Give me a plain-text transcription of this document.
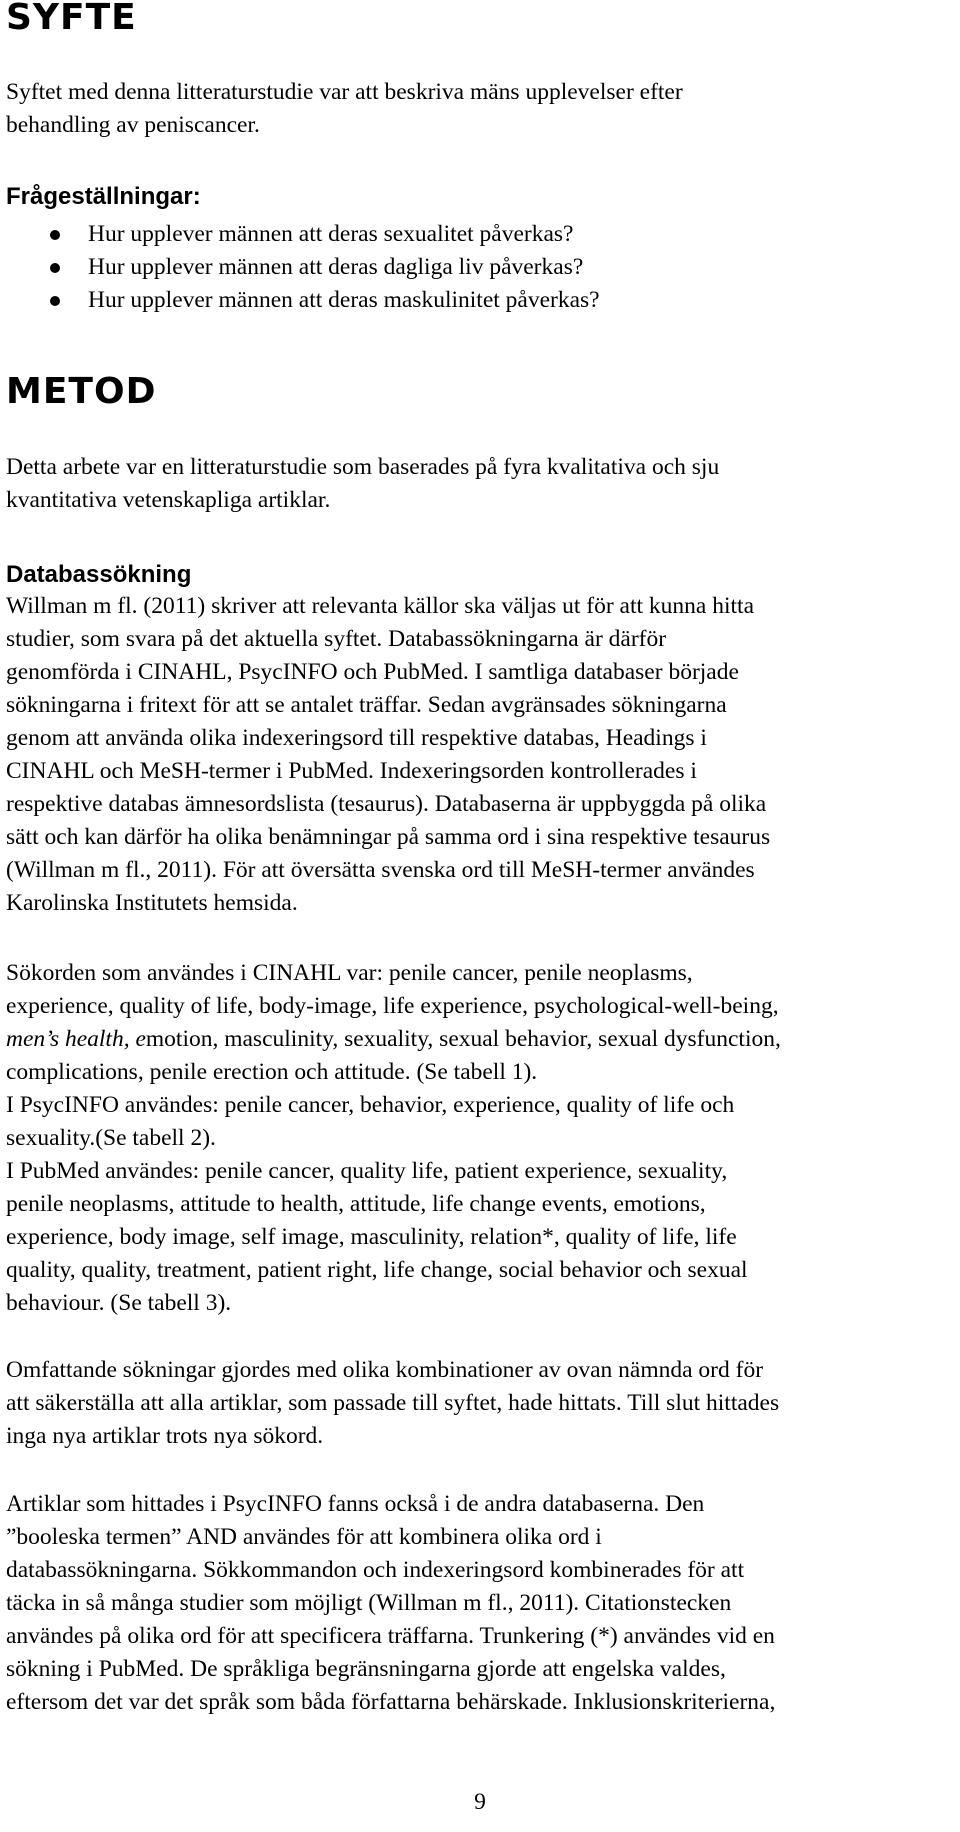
SYFTE

Syftet med denna litteraturstudie var att beskriva mäns upplevelser efter
behandling av peniscancer.

Frågeställningar:
Hur upplever männen att deras sexualitet påverkas?
Hur upplever männen att deras dagliga liv påverkas?
Hur upplever männen att deras maskulinitet påverkas?
METOD

Detta arbete var en litteraturstudie som baserades på fyra kvalitativa och sju
kvantitativa vetenskapliga artiklar.

Databassökning

Willman m fl. (2011) skriver att relevanta källor ska väljas ut för att kunna hitta
studier, som svara på det aktuella syftet. Databassökningarna är därför
genomförda i CINAHL, PsycINFO och PubMed. I samtliga databaser började
sökningarna i fritext för att se antalet träffar. Sedan avgränsades sökningarna
genom att använda olika indexeringsord till respektive databas, Headings i
CINAHL och MeSH-termer i PubMed. Indexeringsorden kontrollerades i
respektive databas ämnesordslista (tesaurus). Databaserna är uppbyggda på olika
sätt och kan därför ha olika benämningar på samma ord i sina respektive tesaurus
(Willman m fl., 2011). För att översätta svenska ord till MeSH-termer användes
Karolinska Institutets hemsida.

Sökorden som användes i CINAHL var: penile cancer, penile neoplasms,
experience, quality of life, body-image, life experience, psychological-well-being,
men’s health, emotion, masculinity, sexuality, sexual behavior, sexual dysfunction,
complications, penile erection och attitude. (Se tabell 1).
I PsycINFO användes: penile cancer, behavior, experience, quality of life och
sexuality.(Se tabell 2).
I PubMed användes: penile cancer, quality life, patient experience, sexuality,
penile neoplasms, attitude to health, attitude, life change events, emotions,
experience, body image, self image, masculinity, relation*, quality of life, life
quality, quality, treatment, patient right, life change, social behavior och sexual
behaviour. (Se tabell 3).

Omfattande sökningar gjordes med olika kombinationer av ovan nämnda ord för
att säkerställa att alla artiklar, som passade till syftet, hade hittats. Till slut hittades
inga nya artiklar trots nya sökord.

Artiklar som hittades i PsycINFO fanns också i de andra databaserna. Den
”booleska termen” AND användes för att kombinera olika ord i
databassökningarna. Sökkommandon och indexeringsord kombinerades för att
täcka in så många studier som möjligt (Willman m fl., 2011). Citationstecken
användes på olika ord för att specificera träffarna. Trunkering (*) användes vid en
sökning i PubMed. De språkliga begränsningarna gjorde att engelska valdes,
eftersom det var det språk som båda författarna behärskade. Inklusionskriterierna,

9
